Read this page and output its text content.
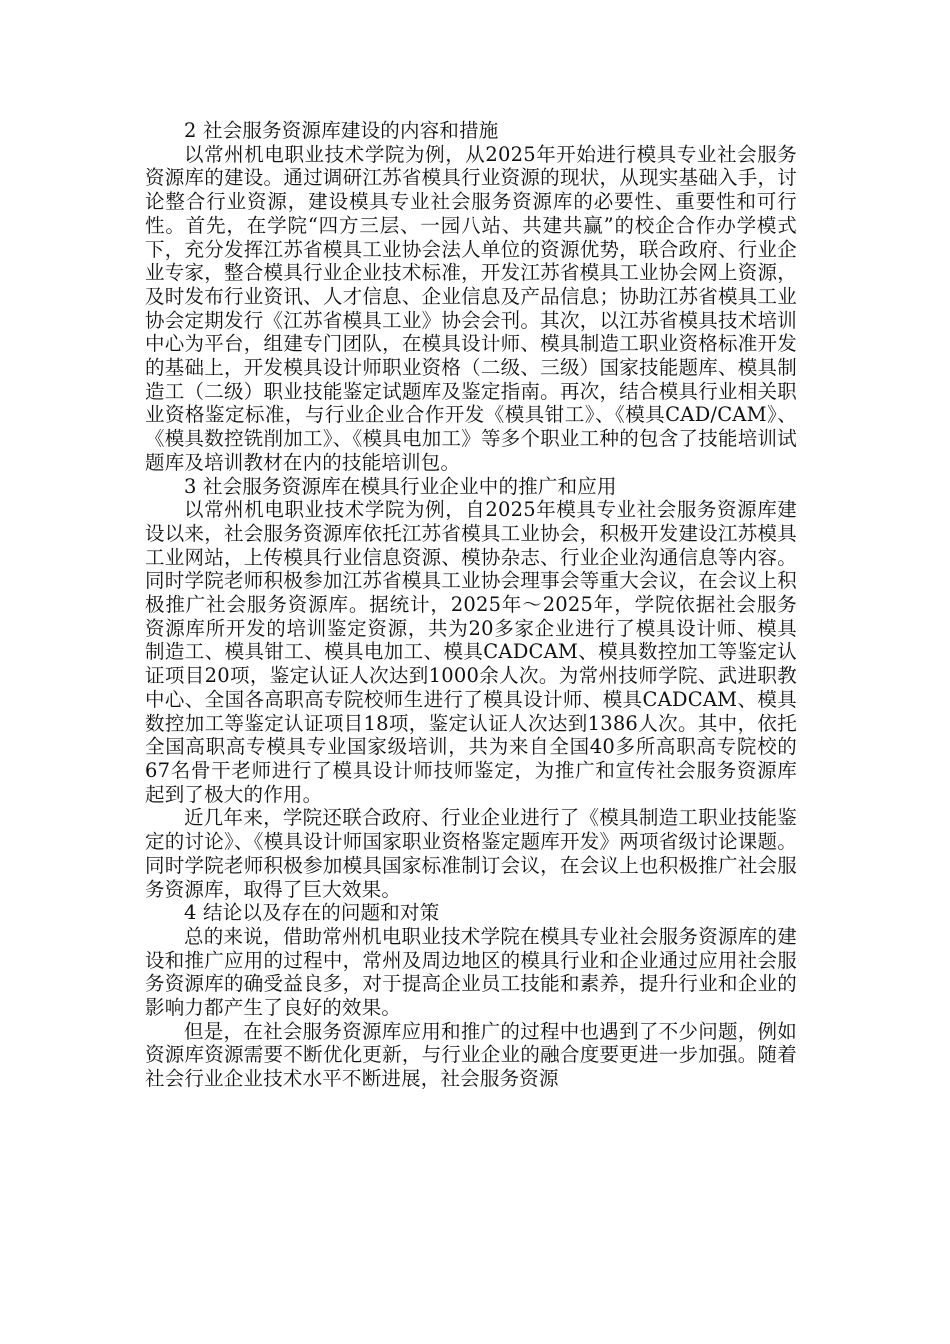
2 社会服务资源库建设的内容和措施

以常州机电职业技术学院为例，从2025年开始进行模具专业社会服务资源库的建设。通过调研江苏省模具行业资源的现状，从现实基础入手，讨论整合行业资源，建设模具专业社会服务资源库的必要性、重要性和可行性。首先，在学院“四方三层、一园八站、共建共赢”的校企合作办学模式下，充分发挥江苏省模具工业协会法人单位的资源优势，联合政府、行业企业专家，整合模具行业企业技术标准，开发江苏省模具工业协会网上资源，及时发布行业资讯、人才信息、企业信息及产品信息；协助江苏省模具工业协会定期发行《江苏省模具工业》协会会刊。其次，以江苏省模具技术培训中心为平台，组建专门团队，在模具设计师、模具制造工职业资格标准开发的基础上，开发模具设计师职业资格（二级、三级）国家技能题库、模具制造工（二级）职业技能鉴定试题库及鉴定指南。再次，结合模具行业相关职业资格鉴定标准，与行业企业合作开发《模具钳工》、《模具CAD/CAM》、《模具数控铣削加工》、《模具电加工》等多个职业工种的包含了技能培训试题库及培训教材在内的技能培训包。

3 社会服务资源库在模具行业企业中的推广和应用

以常州机电职业技术学院为例，自2025年模具专业社会服务资源库建设以来，社会服务资源库依托江苏省模具工业协会，积极开发建设江苏模具工业网站，上传模具行业信息资源、模协杂志、行业企业沟通信息等内容。同时学院老师积极参加江苏省模具工业协会理事会等重大会议，在会议上积极推广社会服务资源库。据统计，2025年～2025年，学院依据社会服务资源库所开发的培训鉴定资源，共为20多家企业进行了模具设计师、模具制造工、模具钳工、模具电加工、模具CADCAM、模具数控加工等鉴定认证项目20项，鉴定认证人次达到1000余人次。为常州技师学院、武进职教中心、全国各高职高专院校师生进行了模具设计师、模具CADCAM、模具数控加工等鉴定认证项目18项，鉴定认证人次达到1386人次。其中，依托全国高职高专模具专业国家级培训，共为来自全国40多所高职高专院校的67名骨干老师进行了模具设计师技师鉴定，为推广和宣传社会服务资源库起到了极大的作用。

近几年来，学院还联合政府、行业企业进行了《模具制造工职业技能鉴定的讨论》、《模具设计师国家职业资格鉴定题库开发》两项省级讨论课题。同时学院老师积极参加模具国家标准制订会议，在会议上也积极推广社会服务资源库，取得了巨大效果。

4 结论以及存在的问题和对策

总的来说，借助常州机电职业技术学院在模具专业社会服务资源库的建设和推广应用的过程中，常州及周边地区的模具行业和企业通过应用社会服务资源库的确受益良多，对于提高企业员工技能和素养，提升行业和企业的影响力都产生了良好的效果。

但是，在社会服务资源库应用和推广的过程中也遇到了不少问题，例如资源库资源需要不断优化更新，与行业企业的融合度要更进一步加强。随着社会行业企业技术水平不断进展，社会服务资源
